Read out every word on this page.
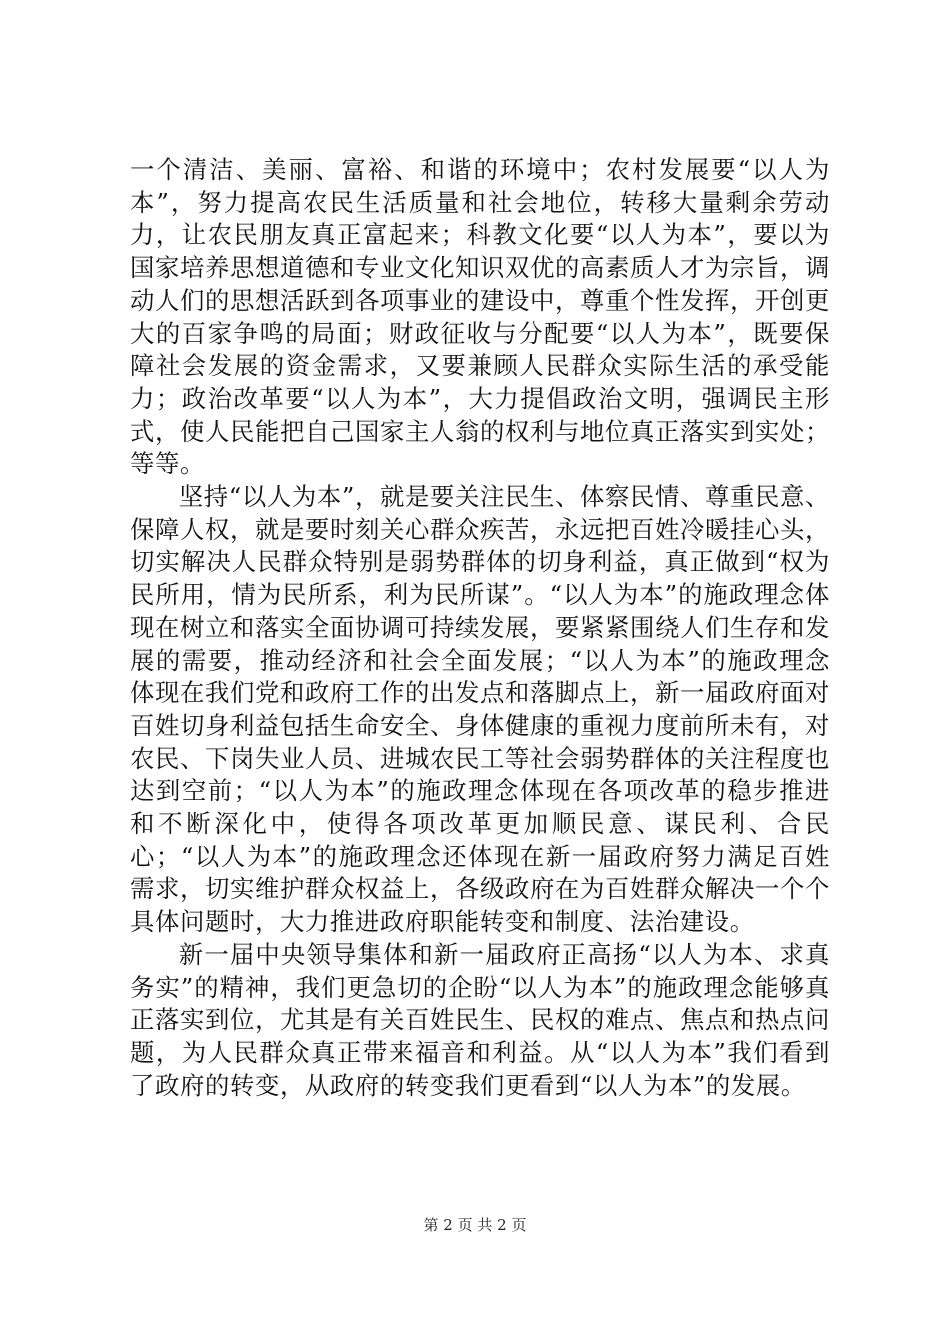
一个清洁、美丽、富裕、和谐的环境中；农村发展要“以人为本”，努力提高农民生活质量和社会地位，转移大量剩余劳动力，让农民朋友真正富起来；科教文化要“以人为本”，要以为国家培养思想道德和专业文化知识双优的高素质人才为宗旨，调动人们的思想活跃到各项事业的建设中，尊重个性发挥，开创更大的百家争鸣的局面；财政征收与分配要“以人为本”，既要保障社会发展的资金需求，又要兼顾人民群众实际生活的承受能力；政治改革要“以人为本”，大力提倡政治文明，强调民主形式，使人民能把自己国家主人翁的权利与地位真正落实到实处；等等。

坚持“以人为本”，就是要关注民生、体察民情、尊重民意、保障人权，就是要时刻关心群众疾苦，永远把百姓冷暖挂心头，切实解决人民群众特别是弱势群体的切身利益，真正做到“权为民所用，情为民所系，利为民所谋”。“以人为本”的施政理念体现在树立和落实全面协调可持续发展，要紧紧围绕人们生存和发展的需要，推动经济和社会全面发展；“以人为本”的施政理念体现在我们党和政府工作的出发点和落脚点上，新一届政府面对百姓切身利益包括生命安全、身体健康的重视力度前所未有，对农民、下岗失业人员、进城农民工等社会弱势群体的关注程度也达到空前；“以人为本”的施政理念体现在各项改革的稳步推进和不断深化中，使得各项改革更加顺民意、谋民利、合民心；“以人为本”的施政理念还体现在新一届政府努力满足百姓需求，切实维护群众权益上，各级政府在为百姓群众解决一个个具体问题时，大力推进政府职能转变和制度、法治建设。

新一届中央领导集体和新一届政府正高扬“以人为本、求真务实”的精神，我们更急切的企盼“以人为本”的施政理念能够真正落实到位，尤其是有关百姓民生、民权的难点、焦点和热点问题，为人民群众真正带来福音和利益。从“以人为本”我们看到了政府的转变，从政府的转变我们更看到“以人为本”的发展。

第 2 页 共 2 页
